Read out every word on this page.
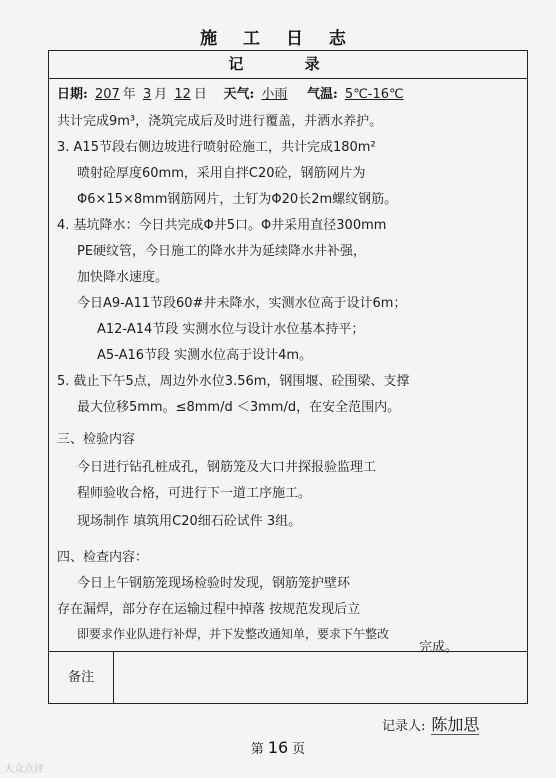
施 工 日 志
记 录
日期: 207 年 3 月 12 日 天气: 小雨 气温: 5℃-16℃
共计完成9m³，浇筑完成后及时进行覆盖，并洒水养护。
3. A15节段右侧边坡进行喷射砼施工，共计完成180m²
喷射砼厚度60mm，采用自拌C20砼，钢筋网片为
Φ6×15×8mm钢筋网片，土钉为Φ20长2m螺纹钢筋。
4. 基坑降水：今日共完成Φ井5口。Φ井采用直径300mm
PE硬纹管，今日施工的降水井为延续降水井补强，
加快降水速度。
今日A9-A11节段60#井未降水，实测水位高于设计6m；
A12-A14节段 实测水位与设计水位基本持平；
A5-A16节段 实测水位高于设计4m。
5. 截止下午5点，周边外水位3.56m，钢围堰、砼围梁、支撑
最大位移5mm。≤8mm/d ＜3mm/d，在安全范围内。
三、检验内容
今日进行钻孔桩成孔，钢筋笼及大口井探报验监理工
程师验收合格，可进行下一道工序施工。
现场制作 填筑用C20细石砼试件 3组。
四、检查内容：
今日上午钢筋笼现场检验时发现，钢筋笼护壁环
存在漏焊，部分存在运输过程中掉落 按规范发现后立
即要求作业队进行补焊，并下发整改通知单，要求下午整改
完成。
备注
记录人: 陈加思
第 16 页
大众点评
